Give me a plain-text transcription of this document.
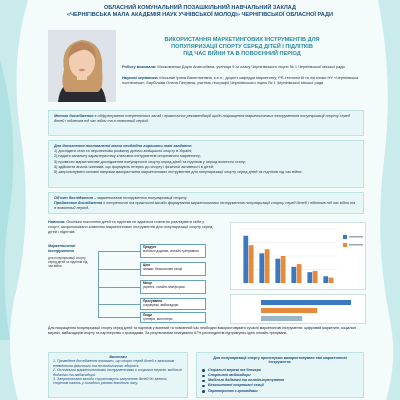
ОБЛАСНИЙ КОМУНАЛЬНИЙ ПОЗАШКІЛЬНИЙ НАВЧАЛЬНИЙ ЗАКЛАД
«ЧЕРНІГІВСЬКА МАЛА АКАДЕМІЯ НАУК УЧНІВСЬКОЇ МОЛОДІ» ЧЕРНІГІВСЬКОЇ ОБЛАСНОЇ РАДИ
ВИКОРИСТАННЯ МАРКЕТИНГОВИХ ІНСТРУМЕНТІВ ДЛЯ
ПОПУЛЯРИЗАЦІЇ СПОРТУ СЕРЕД ДІТЕЙ І ПІДЛІТКІВ
ПІД ЧАС ВІЙНИ ТА В ПОВОЄННИЙ ПЕРІОД
Роботу виконала: Московченко Дарія Анатоліївна, учениця 9-го класу Чернігівського ліцею № 1 Чернігівської міської ради
Наукові керівники: Мосьпан Ірина Валентинівна, к.е.н., доцент кафедри маркетингу, PR-технологій та логістики НУ «Чернігівська політехніка»; Барбілова Олена Петрівна, учитель географії Чернігівського ліцею № 1 Чернігівської міської ради
Метою дослідження є обґрунтування теоретичних засад і практичних рекомендацій щодо покращення маркетингових інструментів популяризації спорту серед дітей і підлітків під час війни та в повоєнний період.
Для досягнення поставленої мети необхідно вирішити такі завдання:
1) дослідити стан та перспективи розвитку дитячо-юнацького спорту в Україні;
2) надати загальну характеристику ключових інструментів спортивного маркетингу;
3) провести маркетингове дослідження популярності спорту серед дітей та підлітків у період воєнного стану;
4) здійснити аналіз чинників, що формують інтерес до спорту і фізичної активності в дітей;
5) запропонувати основні напрями використання маркетингових інструментів для популяризації спорту серед дітей та підлітків під час війни.
Об'єкт дослідження – маркетингові інструменти популяризації спорту.
Предметом дослідження є теоретичні та практичні засади формування маркетингових інструментів популяризації спорту серед дітей і підлітків під час війни та в повоєнний період.
Новизна: Оскільки поколінню дітей та підлітків не вдається повністю реалізувати себе у спорті, запропоновано комплекс маркетингових інструментів для популяризації спорту серед дітей і підлітків.
Маркетингові інструменти
для популяризації спорту серед дітей та підлітків під час війни
Продукт
мобільні додатки, онлайн-тренування
Ціна
знижки, безкоштовні секції
Місце
укриття, онлайн-платформи
Просування
соцмережі, амбасадори
Люди
тренери, волонтери
Для покращення популяризації спорту серед дітей та підлітків у воєнний та повоєнний час необхідно використовувати сучасні маркетингові інструменти: цифровий маркетинг, соціальні мережі, амбасадорів спорту та партнерство з громадами. За результатами опитування 67% респондентів підтримують ідею онлайн-тренувань.
Висновки
1. Проведене дослідження показало, що спорт серед дітей є важливим елементом фізичного та психологічного здоров'я.
2. Основними маркетинговими інструментами є соціальні мережі, мобільні додатки та амбасадори.
3. Запропоновані заходи сприятимуть залученню дітей до занять спортом навіть у складних умовах воєнного часу.
Для популяризації спорту пропонуємо використовувати такі маркетингові інструменти:
Соціальні мережі та блогери
Спортивні амбасадори
Мобільні додатки та онлайн-тренування
Безкоштовні спортивні секції
Партнерство з громадами
